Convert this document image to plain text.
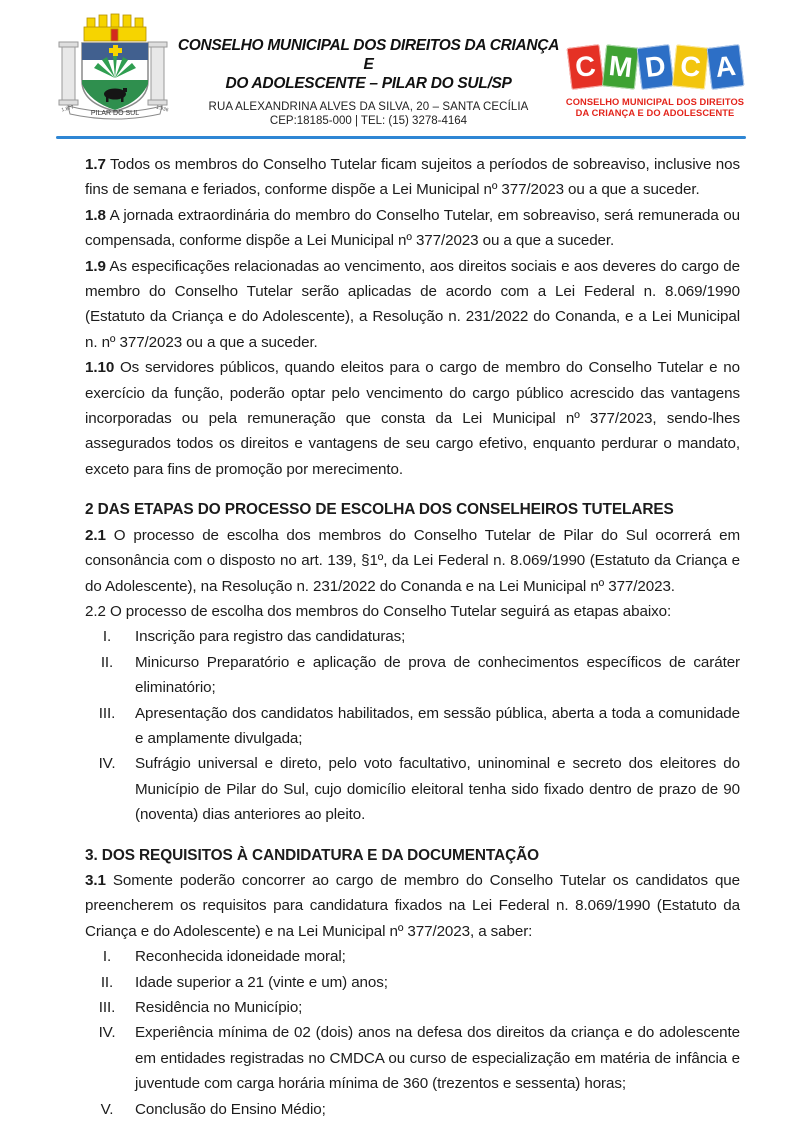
PILAR DO SUL
1.877	1.936
CONSELHO MUNICIPAL DOS DIREITOS DA CRIANÇA E
DO ADOLESCENTE – PILAR DO SUL/SP
RUA ALEXANDRINA ALVES DA SILVA, 20 – SANTA CECÍLIA
CEP:18185-000 | TEL: (15) 3278-4164
C M D C A
CONSELHO MUNICIPAL DOS DIREITOS
DA CRIANÇA E DO ADOLESCENTE

1.7 Todos os membros do Conselho Tutelar ficam sujeitos a períodos de sobreaviso, inclusive nos fins de semana e feriados, conforme dispõe a Lei Municipal nº 377/2023 ou a que a suceder.

1.8 A jornada extraordinária do membro do Conselho Tutelar, em sobreaviso, será remunerada ou compensada, conforme dispõe a Lei Municipal nº 377/2023 ou a que a suceder.

1.9 As especificações relacionadas ao vencimento, aos direitos sociais e aos deveres do cargo de membro do Conselho Tutelar serão aplicadas de acordo com a Lei Federal n. 8.069/1990 (Estatuto da Criança e do Adolescente), a Resolução n. 231/2022 do Conanda, e a Lei Municipal n. nº 377/2023 ou a que a suceder.

1.10 Os servidores públicos, quando eleitos para o cargo de membro do Conselho Tutelar e no exercício da função, poderão optar pelo vencimento do cargo público acrescido das vantagens incorporadas ou pela remuneração que consta da Lei Municipal nº 377/2023, sendo-lhes assegurados todos os direitos e vantagens de seu cargo efetivo, enquanto perdurar o mandato, exceto para fins de promoção por merecimento.

2 DAS ETAPAS DO PROCESSO DE ESCOLHA DOS CONSELHEIROS TUTELARES

2.1 O processo de escolha dos membros do Conselho Tutelar de Pilar do Sul ocorrerá em consonância com o disposto no art. 139, §1º, da Lei Federal n. 8.069/1990 (Estatuto da Criança e do Adolescente), na Resolução n. 231/2022 do Conanda e na Lei Municipal nº 377/2023.

2.2 O processo de escolha dos membros do Conselho Tutelar seguirá as etapas abaixo:

I.	Inscrição para registro das candidaturas;
II.	Minicurso Preparatório e aplicação de prova de conhecimentos específicos de caráter eliminatório;
III.	Apresentação dos candidatos habilitados, em sessão pública, aberta a toda a comunidade e amplamente divulgada;
IV.	Sufrágio universal e direto, pelo voto facultativo, uninominal e secreto dos eleitores do Município de Pilar do Sul, cujo domicílio eleitoral tenha sido fixado dentro de prazo de 90 (noventa) dias anteriores ao pleito.
3. DOS REQUISITOS À CANDIDATURA E DA DOCUMENTAÇÃO

3.1 Somente poderão concorrer ao cargo de membro do Conselho Tutelar os candidatos que preencherem os requisitos para candidatura fixados na Lei Federal n. 8.069/1990 (Estatuto da Criança e do Adolescente) e na Lei Municipal nº 377/2023, a saber:

I.	Reconhecida idoneidade moral;
II.	Idade superior a 21 (vinte e um) anos;
III.	Residência no Município;
IV.	Experiência mínima de 02 (dois) anos na defesa dos direitos da criança e do adolescente em entidades registradas no CMDCA ou curso de especialização em matéria de infância e juventude com carga horária mínima de 360 (trezentos e sessenta) horas;
V.	Conclusão do Ensino Médio;
